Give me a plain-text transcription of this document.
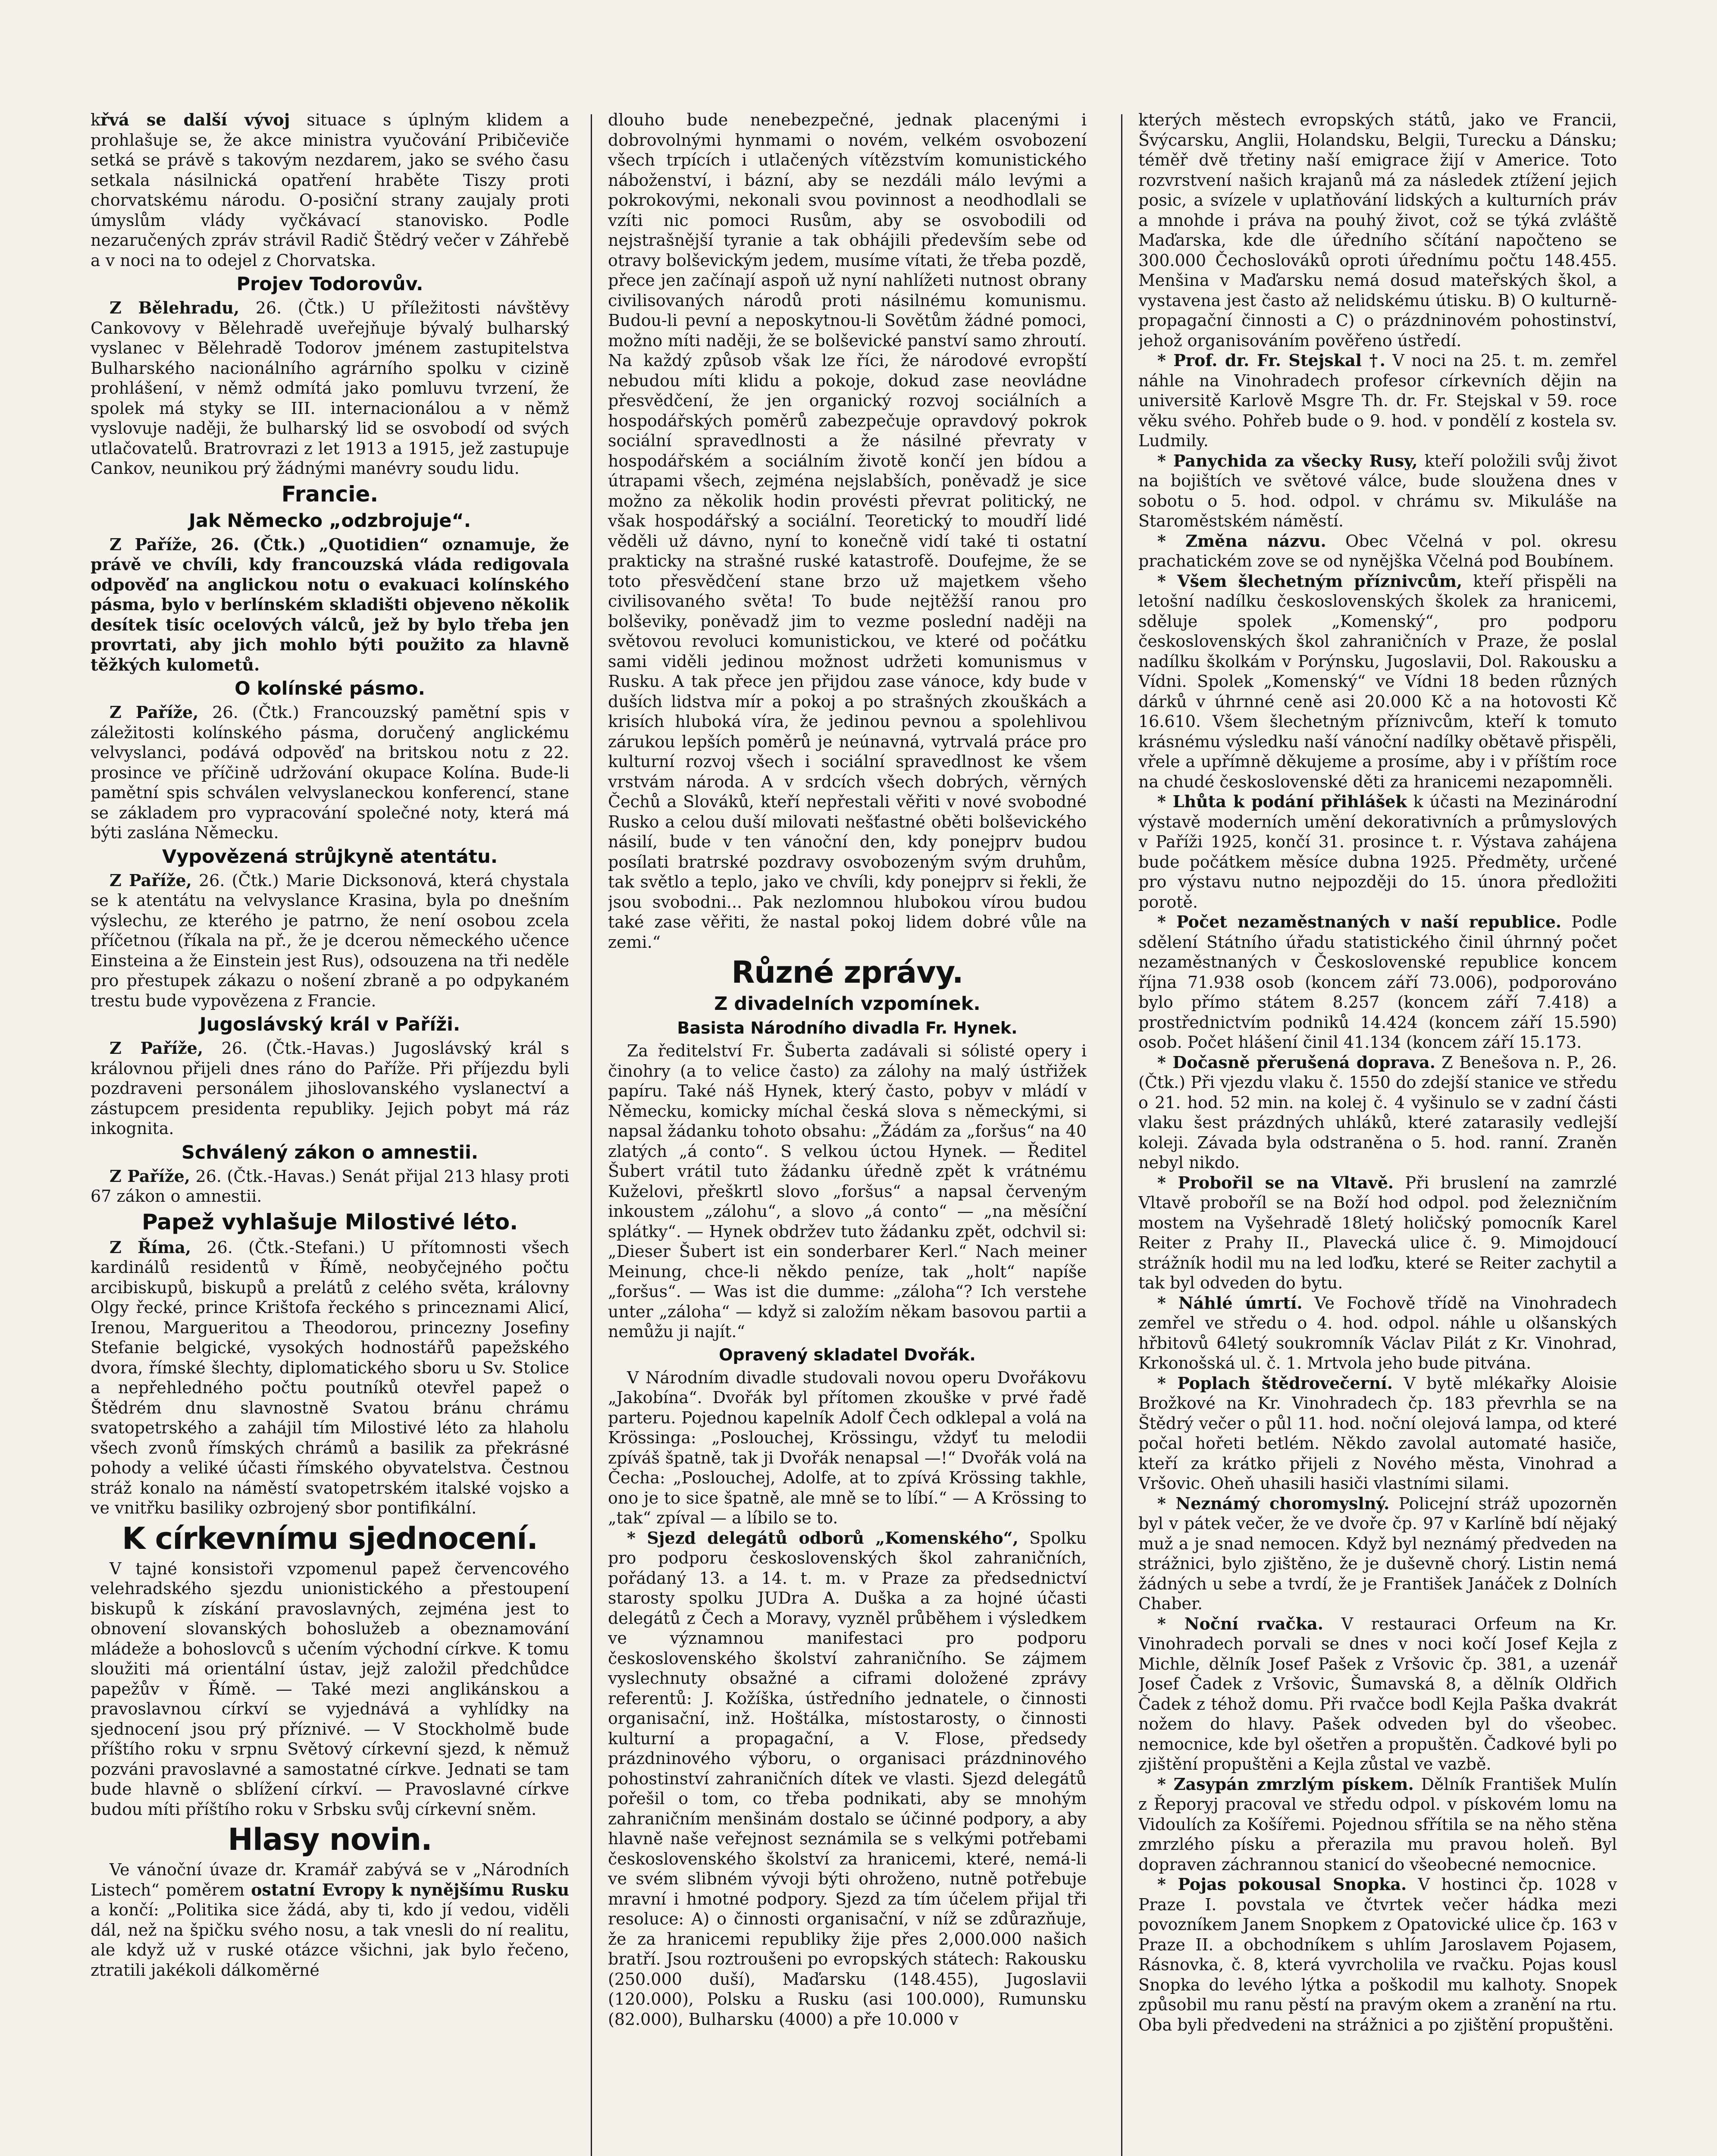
křvá se další vývoj situace s úplným klidem a prohlašuje se, že akce ministra vyučování Pribičeviče setká se právě s takovým nezdarem, jako se svého času setkala násilnická opatření hraběte Tiszy proti chorvatskému národu. O-posiční strany zaujaly proti úmyslům vlády vyčkávací stanovisko. Podle nezaručených zpráv strávil Radič Štědrý večer v Záhřebě a v noci na to odejel z Chorvatska.

Projev Todorovův.

Z Bělehradu, 26. (Čtk.) U příležitosti návštěvy Cankovovy v Bělehradě uveřejňuje bývalý bulharský vyslanec v Bělehradě Todorov jménem zastupitelstva Bulharského nacionálního agrárního spolku v cizině prohlášení, v němž odmítá jako pomluvu tvrzení, že spolek má styky se III. internacionálou a v němž vyslovuje naději, že bulharský lid se osvobodí od svých utlačovatelů. Bratrovrazi z let 1913 a 1915, jež zastupuje Cankov, neunikou prý žádnými manévry soudu lidu.

Francie.
Jak Německo „odzbrojuje“.

Z Paříže, 26. (Čtk.) „Quotidien“ oznamuje, že právě ve chvíli, kdy francouzská vláda redigovala odpověď na anglickou notu o evakuaci kolínského pásma, bylo v berlínském skladišti objeveno několik desítek tisíc ocelových válců, jež by bylo třeba jen provrtati, aby jich mohlo býti použito za hlavně těžkých kulometů.

O kolínské pásmo.

Z Paříže, 26. (Čtk.) Francouzský pamětní spis v záležitosti kolínského pásma, doručený anglickému velvyslanci, podává odpověď na britskou notu z 22. prosince ve příčině udržování okupace Kolína. Bude-li pamětní spis schválen velvyslaneckou konferencí, stane se základem pro vypracování společné noty, která má býti zaslána Německu.

Vypovězená strůjkyně atentátu.

Z Paříže, 26. (Čtk.) Marie Dicksonová, která chystala se k atentátu na velvyslance Krasina, byla po dnešním výslechu, ze kterého je patrno, že není osobou zcela příčetnou (říkala na př., že je dcerou německého učence Einsteina a že Einstein jest Rus), odsouzena na tři neděle pro přestupek zákazu o nošení zbraně a po odpykaném trestu bude vypovězena z Francie.

Jugoslávský král v Paříži.

Z Paříže, 26. (Čtk.-Havas.) Jugoslávský král s královnou přijeli dnes ráno do Paříže. Při příjezdu byli pozdraveni personálem jihoslovanského vyslanectví a zástupcem presidenta republiky. Jejich pobyt má ráz inkognita.

Schválený zákon o amnestii.

Z Paříže, 26. (Čtk.-Havas.) Senát přijal 213 hlasy proti 67 zákon o amnestii.

Papež vyhlašuje Milostivé léto.

Z Říma, 26. (Čtk.-Stefani.) U přítomnosti všech kardinálů residentů v Římě, neobyčejného počtu arcibiskupů, biskupů a prelátů z celého světa, královny Olgy řecké, prince Krištofa řeckého s princeznami Alicí, Irenou, Margueritou a Theodorou, princezny Josefiny Stefanie belgické, vysokých hodnostářů papežského dvora, římské šlechty, diplomatického sboru u Sv. Stolice a nepřehledného počtu poutníků otevřel papež o Štědrém dnu slavnostně Svatou bránu chrámu svatopetrského a zahájil tím Milostivé léto za hlaholu všech zvonů římských chrámů a basilik za překrásné pohody a veliké účasti římského obyvatelstva. Čestnou stráž konalo na náměstí svatopetrském italské vojsko a ve vnitřku basiliky ozbrojený sbor pontifikální.

K církevnímu sjednocení.

V tajné konsistoři vzpomenul papež červencového velehradského sjezdu unionistického a přestoupení biskupů k získání pravoslavných, zejména jest to obnovení slovanských bohoslužeb a obeznamování mládeže a bohoslovců s učením východní církve. K tomu sloužiti má orientální ústav, jejž založil předchůdce papežův v Římě. — Také mezi anglikánskou a pravoslavnou církví se vyjednává a vyhlídky na sjednocení jsou prý příznivé. — V Stockholmě bude příštího roku v srpnu Světový církevní sjezd, k němuž pozváni pravoslavné a samostatné církve. Jednati se tam bude hlavně o sblížení církví. — Pravoslavné církve budou míti příštího roku v Srbsku svůj církevní sněm.

Hlasy novin.

Ve vánoční úvaze dr. Kramář zabývá se v „Národních Listech“ poměrem ostatní Evropy k nynějšímu Rusku a končí: „Politika sice žádá, aby ti, kdo jí vedou, viděli dál, než na špičku svého nosu, a tak vnesli do ní realitu, ale když už v ruské otázce všichni, jak bylo řečeno, ztratili jakékoli dálkoměrné

dlouho bude nenebezpečné, jednak placenými i dobrovolnými hynmami o novém, velkém osvobození všech trpících i utlačených vítězstvím komunistického náboženství, i bázní, aby se nezdáli málo levými a pokrokovými, nekonali svou povinnost a neodhodlali se vzíti nic pomoci Rusům, aby se osvobodili od nejstrašnější tyranie a tak obhájili především sebe od otravy bolševickým jedem, musíme vítati, že třeba pozdě, přece jen začínají aspoň už nyní nahlížeti nutnost obrany civilisovaných národů proti násilnému komunismu. Budou-li pevní a neposkytnou-li Sovětům žádné pomoci, možno míti naději, že se bolševické panství samo zhroutí. Na každý způsob však lze říci, že národové evropští nebudou míti klidu a pokoje, dokud zase neovládne přesvědčení, že jen organický rozvoj sociálních a hospodářských poměrů zabezpečuje opravdový pokrok sociální spravedlnosti a že násilné převraty v hospodářském a sociálním životě končí jen bídou a útrapami všech, zejména nejslabších, poněvadž je sice možno za několik hodin provésti převrat politický, ne však hospodářský a sociální. Teoretický to moudří lidé věděli už dávno, nyní to konečně vidí také ti ostatní prakticky na strašné ruské katastrofě. Doufejme, že se toto přesvědčení stane brzo už majetkem všeho civilisovaného světa! To bude nejtěžší ranou pro bolševiky, poněvadž jim to vezme poslední naději na světovou revoluci komunistickou, ve které od počátku sami viděli jedinou možnost udržeti komunismus v Rusku. A tak přece jen přijdou zase vánoce, kdy bude v duších lidstva mír a pokoj a po strašných zkouškách a krisích hluboká víra, že jedinou pevnou a spolehlivou zárukou lepších poměrů je neúnavná, vytrvalá práce pro kulturní rozvoj všech i sociální spravedlnost ke všem vrstvám národa. A v srdcích všech dobrých, věrných Čechů a Slováků, kteří nepřestali věřiti v nové svobodné Rusko a celou duší milovati nešťastné oběti bolševického násilí, bude v ten vánoční den, kdy ponejprv budou posílati bratrské pozdravy osvobozeným svým druhům, tak světlo a teplo, jako ve chvíli, kdy ponejprv si řekli, že jsou svobodni... Pak nezlomnou hlubokou vírou budou také zase věřiti, že nastal pokoj lidem dobré vůle na zemi.“

Různé zprávy.
Z divadelních vzpomínek.
Basista Národního divadla Fr. Hynek.

Za ředitelství Fr. Šuberta zadávali si sólisté opery i činohry (a to velice často) za zálohy na malý ústřižek papíru. Také náš Hynek, který často, pobyv v mládí v Německu, komicky míchal česká slova s německými, si napsal žádanku tohoto obsahu: „Žádám za „foršus“ na 40 zlatých „á conto“. S velkou úctou Hynek. — Ředitel Šubert vrátil tuto žádanku úředně zpět k vrátnému Kuželovi, přeškrtl slovo „foršus“ a napsal červeným inkoustem „zálohu“, a slovo „á conto“ — „na měsíční splátky“. — Hynek obdržev tuto žádanku zpět, odchvil si: „Dieser Šubert ist ein sonderbarer Kerl.“ Nach meiner Meinung, chce-li někdo peníze, tak „holt“ napíše „foršus“. — Was ist die dumme: „záloha“? Ich verstehe unter „záloha“ — když si založím někam basovou partii a nemůžu ji najít.“

Opravený skladatel Dvořák.

V Národním divadle studovali novou operu Dvořákovu „Jakobína“. Dvořák byl přítomen zkouške v prvé řadě parteru. Pojednou kapelník Adolf Čech odklepal a volá na Krössinga: „Poslouchej, Krössingu, vždyť tu melodii zpíváš špatně, tak ji Dvořák nenapsal —!“ Dvořák volá na Čecha: „Poslouchej, Adolfe, at to zpívá Krössing takhle, ono je to sice špatně, ale mně se to líbí.“ — A Krössing to „tak“ zpíval — a líbilo se to.

* Sjezd delegátů odborů „Komenského“, Spolku pro podporu československých škol zahraničních, pořádaný 13. a 14. t. m. v Praze za předsednictví starosty spolku JUDra A. Duška a za hojné účasti delegátů z Čech a Moravy, vyzněl průběhem i výsledkem ve významnou manifestaci pro podporu československého školství zahraničního. Se zájmem vyslechnuty obsažné a ciframi doložené zprávy referentů: J. Kožíška, ústředního jednatele, o činnosti organisační, inž. Hoštálka, místostarosty, o činnosti kulturní a propagační, a V. Flose, předsedy prázdninového výboru, o organisaci prázdninového pohostinství zahraničních dítek ve vlasti. Sjezd delegátů pořešil o tom, co třeba podnikati, aby se mnohým zahraničním menšinám dostalo se účinné podpory, a aby hlavně naše veřejnost seznámila se s velkými potřebami československého školství za hranicemi, které, nemá-li ve svém slibném vývoji býti ohroženo, nutně potřebuje mravní i hmotné podpory. Sjezd za tím účelem přijal tři resoluce: A) o činnosti organisační, v níž se zdůrazňuje, že za hranicemi republiky žije přes 2,000.000 našich bratří. Jsou roztroušeni po evropských státech: Rakousku (250.000 duší), Maďarsku (148.455), Jugoslavii (120.000), Polsku a Rusku (asi 100.000), Rumunsku (82.000), Bulharsku (4000) a pře 10.000 v

kterých městech evropských států, jako ve Francii, Švýcarsku, Anglii, Holandsku, Belgii, Turecku a Dánsku; téměř dvě třetiny naší emigrace žijí v Americe. Toto rozvrstvení našich krajanů má za následek ztížení jejich posic, a svízele v uplatňování lidských a kulturních práv a mnohde i práva na pouhý život, což se týká zvláště Maďarska, kde dle úředního sčítání napočteno se 300.000 Čechoslováků oproti úřednímu počtu 148.455. Menšina v Maďarsku nemá dosud mateřských škol, a vystavena jest často až nelidskému útisku. B) O kulturně-propagační činnosti a C) o prázdninovém pohostinství, jehož organisováním pověřeno ústředí.

* Prof. dr. Fr. Stejskal †. V noci na 25. t. m. zemřel náhle na Vinohradech profesor církevních dějin na universitě Karlově Msgre Th. dr. Fr. Stejskal v 59. roce věku svého. Pohřeb bude o 9. hod. v pondělí z kostela sv. Ludmily.

* Panychida za všecky Rusy, kteří položili svůj život na bojištích ve světové válce, bude sloužena dnes v sobotu o 5. hod. odpol. v chrámu sv. Mikuláše na Staroměstském náměstí.

* Změna názvu. Obec Včelná v pol. okresu prachatickém zove se od nynějška Včelná pod Boubínem.

* Všem šlechetným příznivcům, kteří přispěli na letošní nadílku československých školek za hranicemi, sděluje spolek „Komenský“, pro podporu československých škol zahraničních v Praze, že poslal nadílku školkám v Porýnsku, Jugoslavii, Dol. Rakousku a Vídni. Spolek „Komenský“ ve Vídni 18 beden různých dárků v úhrnné ceně asi 20.000 Kč a na hotovosti Kč 16.610. Všem šlechetným příznivcům, kteří k tomuto krásnému výsledku naší vánoční nadílky obětavě přispěli, vřele a upřímně děkujeme a prosíme, aby i v příštím roce na chudé československé děti za hranicemi nezapomněli.

* Lhůta k podání přihlášek k účasti na Mezinárodní výstavě moderních umění dekorativních a průmyslových v Paříži 1925, končí 31. prosince t. r. Výstava zahájena bude počátkem měsíce dubna 1925. Předměty, určené pro výstavu nutno nejpozději do 15. února předložiti porotě.

* Počet nezaměstnaných v naší republice. Podle sdělení Státního úřadu statistického činil úhrnný počet nezaměstnaných v Československé republice koncem října 71.938 osob (koncem září 73.006), podporováno bylo přímo státem 8.257 (koncem září 7.418) a prostřednictvím podniků 14.424 (koncem září 15.590) osob. Počet hlášení činil 41.134 (koncem září 15.173.

* Dočasně přerušená doprava. Z Benešova n. P., 26. (Čtk.) Při vjezdu vlaku č. 1550 do zdejší stanice ve středu o 21. hod. 52 min. na kolej č. 4 vyšinulo se v zadní části vlaku šest prázdných uhláků, které zatarasily vedlejší koleji. Závada byla odstraněna o 5. hod. ranní. Zraněn nebyl nikdo.

* Probořil se na Vltavě. Při bruslení na zamrzlé Vltavě proboříl se na Boží hod odpol. pod železničním mostem na Vyšehradě 18letý holičský pomocník Karel Reiter z Prahy II., Plavecká ulice č. 9. Mimojdoucí strážník hodil mu na led loďku, které se Reiter zachytil a tak byl odveden do bytu.

* Náhlé úmrtí. Ve Fochově třídě na Vinohradech zemřel ve středu o 4. hod. odpol. náhle u olšanských hřbitovů 64letý soukromník Václav Pilát z Kr. Vinohrad, Krkonošská ul. č. 1. Mrtvola jeho bude pitvána.

* Poplach štědrovečerní. V bytě mlékařky Aloisie Brožkové na Kr. Vinohradech čp. 183 převrhla se na Štědrý večer o půl 11. hod. noční olejová lampa, od které počal hořeti betlém. Někdo zavolal automaté hasiče, kteří za krátko přijeli z Nového města, Vinohrad a Vršovic. Oheň uhasili hasiči vlastními silami.

* Neznámý choromyslný. Policejní stráž upozorněn byl v pátek večer, že ve dvoře čp. 97 v Karlíně bdí nějaký muž a je snad nemocen. Když byl neznámý předveden na strážnici, bylo zjištěno, že je duševně chorý. Listin nemá žádných u sebe a tvrdí, že je František Janáček z Dolních Chaber.

* Noční rvačka. V restauraci Orfeum na Kr. Vinohradech porvali se dnes v noci kočí Josef Kejla z Michle, dělník Josef Pašek z Vršovic čp. 381, a uzenář Josef Čadek z Vršovic, Šumavská 8, a dělník Oldřich Čadek z téhož domu. Při rvačce bodl Kejla Paška dvakrát nožem do hlavy. Pašek odveden byl do všeobec. nemocnice, kde byl ošetřen a propuštěn. Čadkové byli po zjištění propuštěni a Kejla zůstal ve vazbě.

* Zasypán zmrzlým pískem. Dělník František Mulín z Řeporyj pracoval ve středu odpol. v pískovém lomu na Vidoulích za Košířemi. Pojednou sfřítila se na něho stěna zmrzlého písku a přerazila mu pravou holeň. Byl dopraven záchrannou stanicí do všeobecné nemocnice.

* Pojas pokousal Snopka. V hostinci čp. 1028 v Praze I. povstala ve čtvrtek večer hádka mezi povozníkem Janem Snopkem z Opatovické ulice čp. 163 v Praze II. a obchodníkem s uhlím Jaroslavem Pojasem, Rásnovka, č. 8, která vyvrcholila ve rvačku. Pojas kousl Snopka do levého lýtka a poškodil mu kalhoty. Snopek způsobil mu ranu pěstí na pravým okem a zranění na rtu. Oba byli předvedeni na strážnici a po zjištění propuštěni.
